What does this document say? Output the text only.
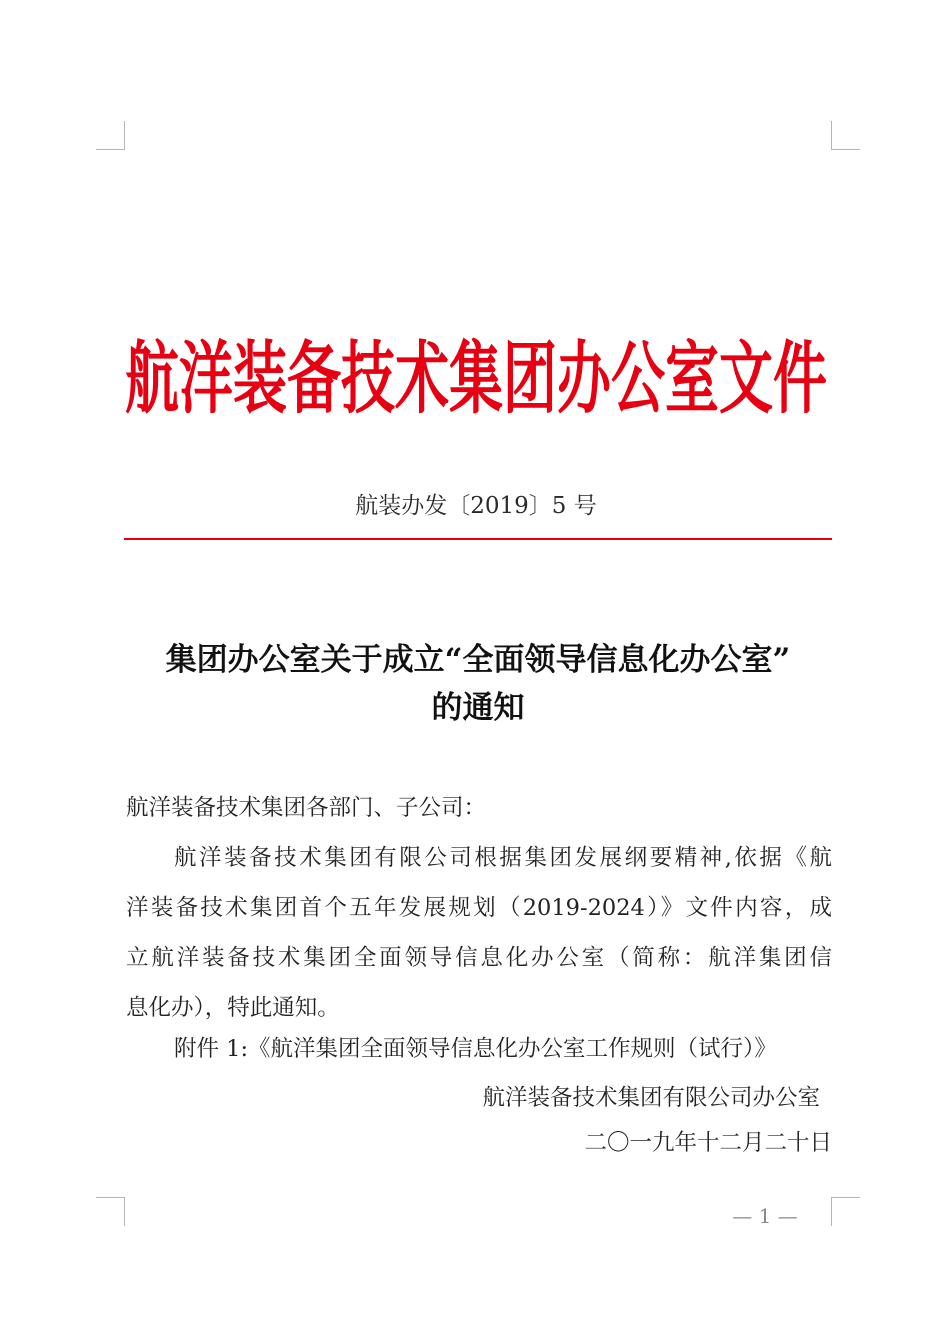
航洋装备技术集团办公室文件
航装办发〔2019〕5 号
集团办公室关于成立“全面领导信息化办公室”
的通知
航洋装备技术集团各部门、子公司：
航洋装备技术集团有限公司根据集团发展纲要精神,依据《航
洋装备技术集团首个五年发展规划（2019-2024）》文件内容，成
立航洋装备技术集团全面领导信息化办公室（简称：航洋集团信
息化办），特此通知。
附件 1:《航洋集团全面领导信息化办公室工作规则（试行）》
航洋装备技术集团有限公司办公室
二〇一九年十二月二十日
— 1 —
